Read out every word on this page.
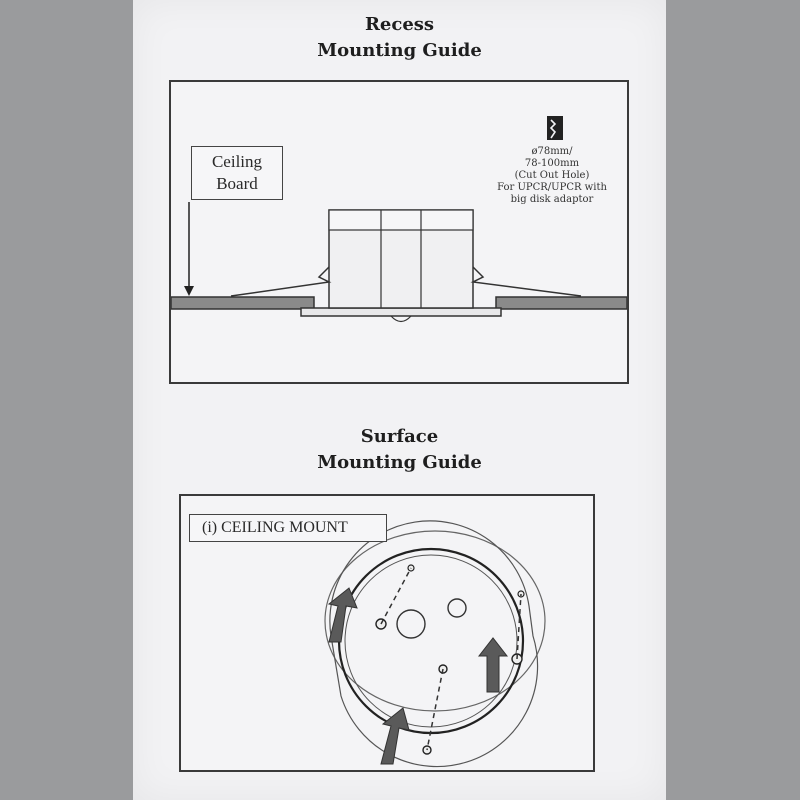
Recess
Mounting Guide
Ceiling
Board
ø78mm/
78-100mm
(Cut Out Hole)
For UPCR/UPCR with
big disk adaptor
Surface
Mounting Guide
(i) CEILING MOUNT
